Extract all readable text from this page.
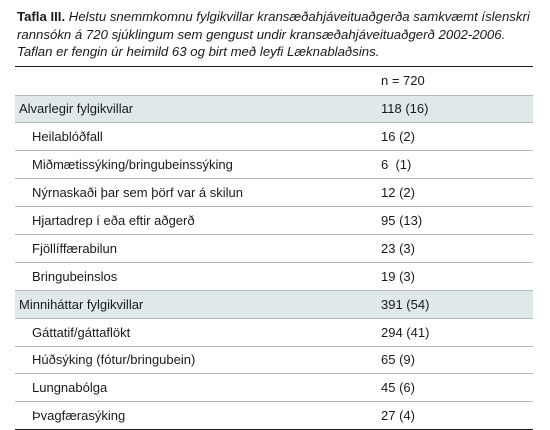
Tafla III. Helstu snemmkomnu fylgikvillar kransæðahjáveituaðgerða samkvæmt íslenskri rannsókn á 720 sjúklingum sem gengust undir kransæðahjáveituaðgerð 2002-2006. Taflan er fengin úr heimild 63 og birt með leyfi Læknablaðsins.

	n = 720
Alvarlegir fylgikvillar	118 (16)
Heilablóðfall	16 (2)
Miðmætissýking/bringubeinssýking	6  (1)
Nýrnaskaði þar sem þörf var á skilun	12 (2)
Hjartadrep í eða eftir aðgerð	95 (13)
Fjöllíffærabilun	23 (3)
Bringubeinslos	19 (3)
Minniháttar fylgikvillar	391 (54)
Gáttatif/gáttaflökt	294 (41)
Húðsýking (fótur/bringubein)	65 (9)
Lungnabólga	45 (6)
Þvagfærasýking	27 (4)
